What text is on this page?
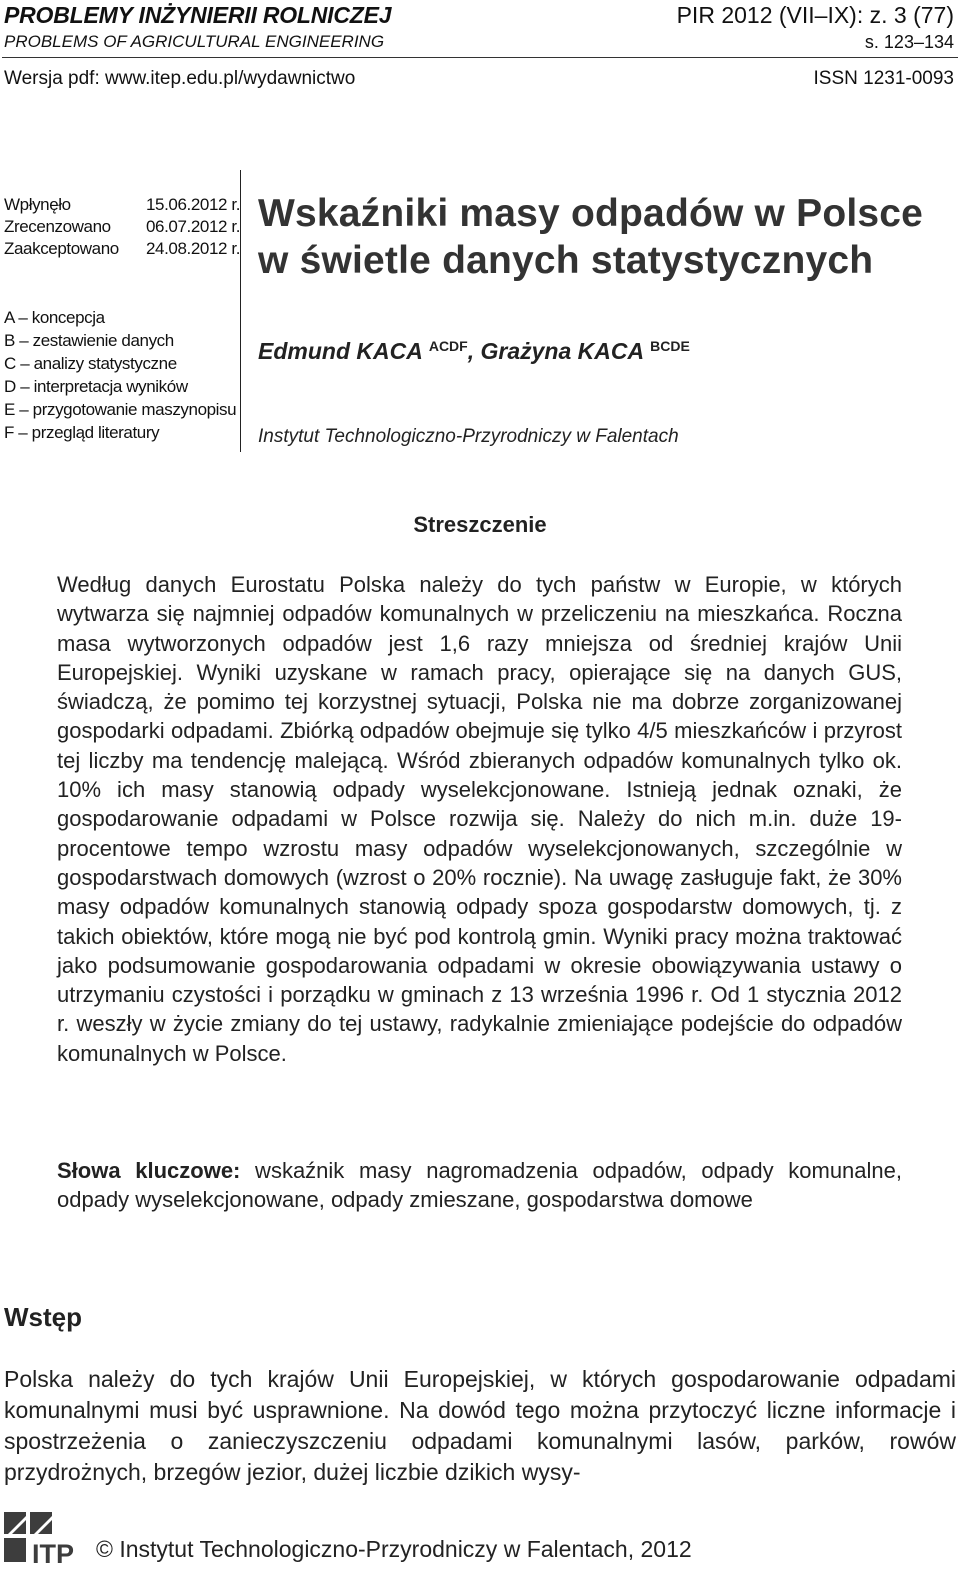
PROBLEMY INŻYNIERII ROLNICZEJ	PIR 2012 (VII–IX): z. 3 (77)
PROBLEMS OF AGRICULTURAL ENGINEERING	s. 123–134
Wersja pdf: www.itep.edu.pl/wydawnictwo	ISSN 1231-0093
Wpłynęło	15.06.2012 r.
Zrecenzowano	06.07.2012 r.
Zaakceptowano	24.08.2012 r.
A – koncepcja
B – zestawienie danych
C – analizy statystyczne
D – interpretacja wyników
E – przygotowanie maszynopisu
F – przegląd literatury
Wskaźniki masy odpadów w Polsce
w świetle danych statystycznych
Edmund KACA $^{ACDF}$, Grażyna KACA $^{BCDE}$
Instytut Technologiczno-Przyrodniczy w Falentach
Streszczenie
Według danych Eurostatu Polska należy do tych państw w Europie, w których wytwarza się najmniej odpadów komunalnych w przeliczeniu na mieszkańca. Roczna masa wytworzonych odpadów jest 1,6 razy mniejsza od średniej krajów Unii Europejskiej. Wyniki uzyskane w ramach pracy, opierające się na danych GUS, świadczą, że pomimo tej korzystnej sytuacji, Polska nie ma dobrze zorganizowanej gospodarki odpadami. Zbiórką odpadów obejmuje się tylko 4/5 mieszkańców i przyrost tej liczby ma tendencję malejącą. Wśród zbieranych odpadów komunalnych tylko ok. 10% ich masy stanowią odpady wyselekcjonowane. Istnieją jednak oznaki, że gospodarowanie odpadami w Polsce rozwija się. Należy do nich m.in. duże 19-procentowe tempo wzrostu masy odpadów wyselekcjonowanych, szczególnie w gospodarstwach domowych (wzrost o 20% rocznie). Na uwagę zasługuje fakt, że 30% masy odpadów komunalnych stanowią odpady spoza gospodarstw domowych, tj. z takich obiektów, które mogą nie być pod kontrolą gmin. Wyniki pracy można traktować jako podsumowanie gospodarowania odpadami w okresie obowiązywania ustawy o utrzymaniu czystości i porządku w gminach z 13 września 1996 r. Od 1 stycznia 2012 r. weszły w życie zmiany do tej ustawy, radykalnie zmieniające podejście do odpadów komunalnych w Polsce.
Słowa kluczowe: wskaźnik masy nagromadzenia odpadów, odpady komunalne, odpady wyselekcjonowane, odpady zmieszane, gospodarstwa domowe
Wstęp
Polska należy do tych krajów Unii Europejskiej, w których gospodarowanie odpadami komunalnymi musi być usprawnione. Na dowód tego można przytoczyć liczne informacje i spostrzeżenia o zanieczyszczeniu odpadami komunalnymi lasów, parków, rowów przydrożnych, brzegów jezior, dużej liczbie dzikich wysy-
ITP © Instytut Technologiczno-Przyrodniczy w Falentach, 2012
